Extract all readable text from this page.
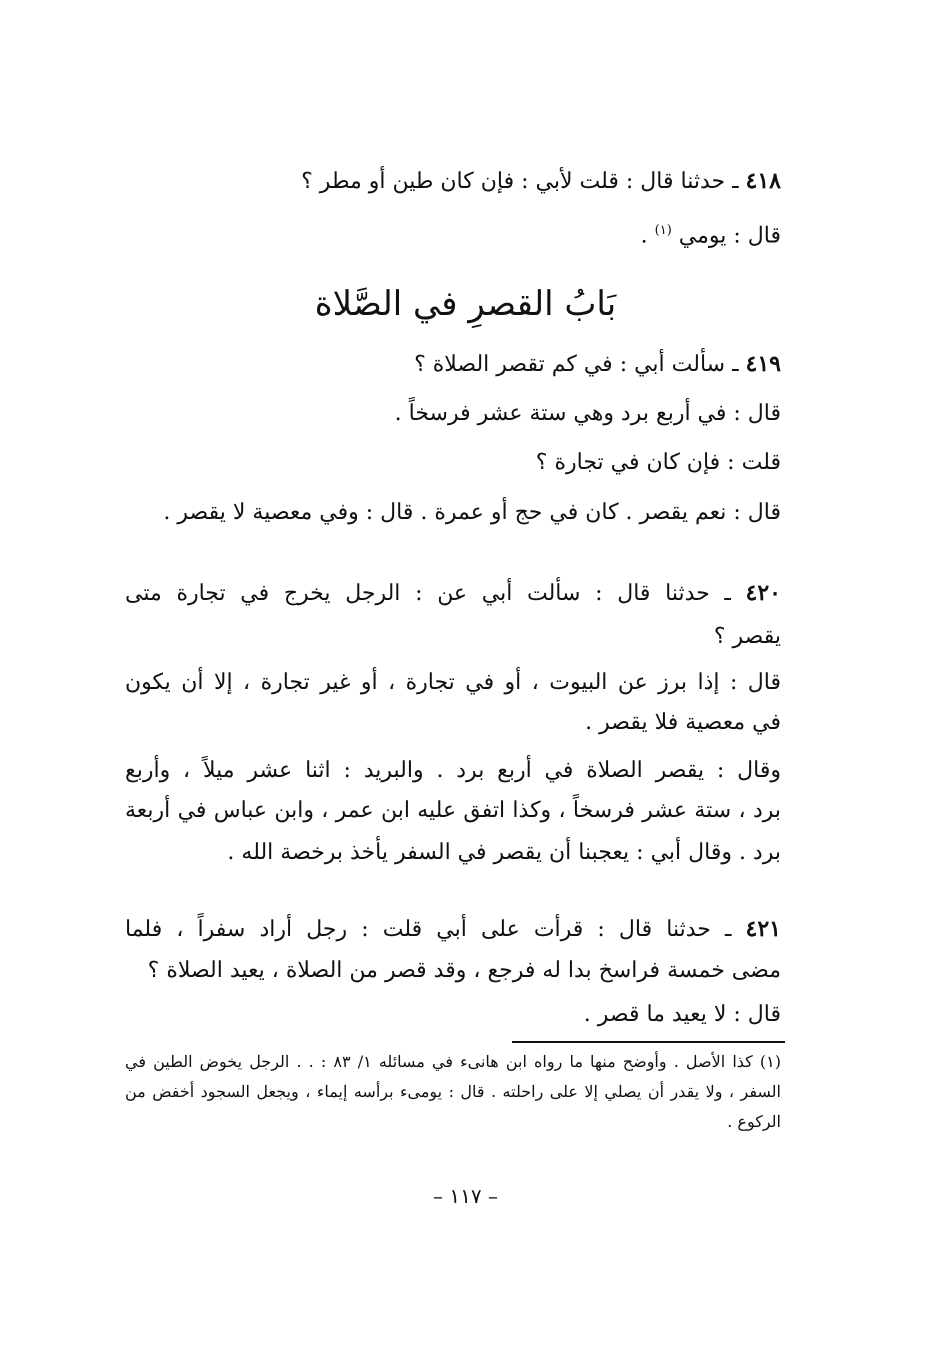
٤١٨ ـ حدثنا قال : قلت لأبي : فإن كان طين أو مطر ؟
قال : يومي $^{(١)}$ .
بَابُ القصرِ في الصَّلاة
٤١٩ ـ سألت أبي : في كم تقصر الصلاة ؟
قال : في أربع برد وهي ستة عشر فرسخاً .
قلت : فإن كان في تجارة ؟
قال : نعم يقصر . كان في حج أو عمرة . قال : وفي معصية لا يقصر .
٤٢٠ ـ حدثنا قال : سألت أبي عن : الرجل يخرج في تجارة متى
يقصر ؟
قال : إذا برز عن البيوت ، أو في تجارة ، أو غير تجارة ، إلا أن يكون
في معصية فلا يقصر .
وقال : يقصر الصلاة في أربع برد . والبريد : اثنا عشر ميلاً ، وأربع
برد ، ستة عشر فرسخاً ، وكذا اتفق عليه ابن عمر ، وابن عباس في أربعة
برد . وقال أبي : يعجبنا أن يقصر في السفر يأخذ برخصة الله .
٤٢١ ـ حدثنا قال : قرأت على أبي قلت : رجل أراد سفراً ، فلما
مضى خمسة فراسخ بدا له فرجع ، وقد قصر من الصلاة ، يعيد الصلاة ؟
قال : لا يعيد ما قصر .
(١) كذا الأصل . وأوضح منها ما رواه ابن هانىء في مسائله ١/ ٨٣ : . . الرجل يخوض الطين في
السفر ، ولا يقدر أن يصلي إلا على راحلته . قال : يومىء برأسه إيماء ، ويجعل السجود أخفض من
الركوع .
– ١١٧ –
